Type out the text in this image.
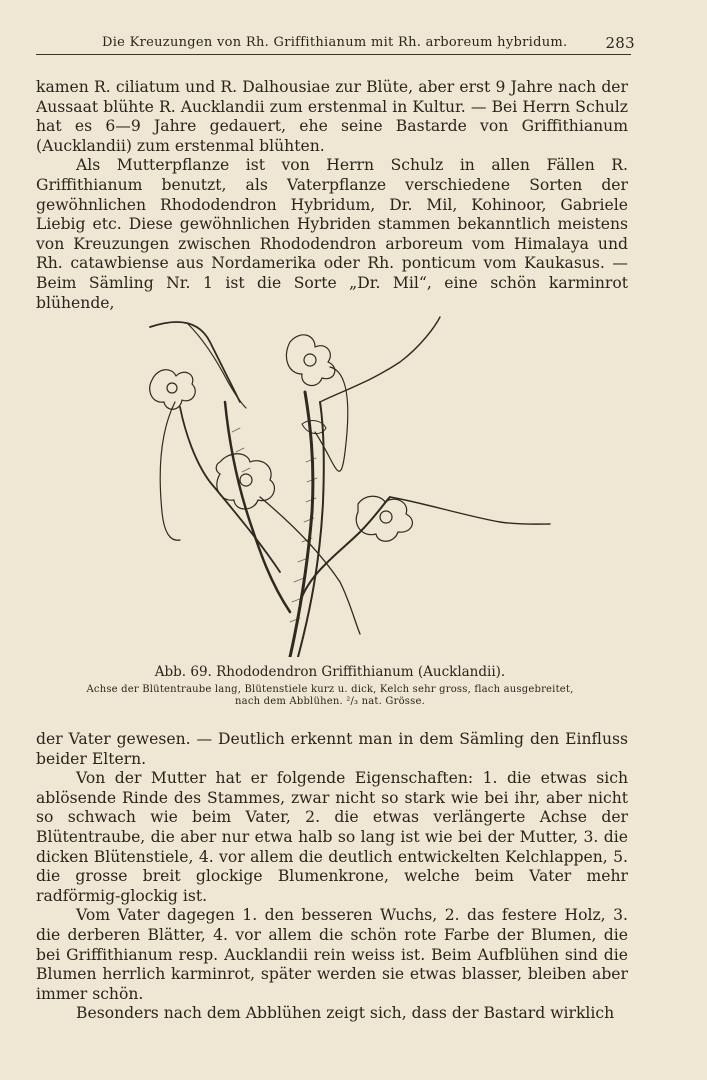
Die Kreuzungen von Rh. Griffithianum mit Rh. arboreum hybridum.	283

kamen R. ciliatum und R. Dalhousiae zur Blüte, aber erst 9 Jahre nach der Aussaat blühte R. Aucklandii zum erstenmal in Kultur. — Bei Herrn Schulz hat es 6—9 Jahre gedauert, ehe seine Bastarde von Griffithianum (Aucklandii) zum erstenmal blühten.

Als Mutterpflanze ist von Herrn Schulz in allen Fällen R. Griffithianum benutzt, als Vaterpflanze verschiedene Sorten der gewöhnlichen Rhododendron Hybridum, Dr. Mil, Kohinoor, Gabriele Liebig etc. Diese gewöhnlichen Hybriden stammen bekanntlich meistens von Kreuzungen zwischen Rhododendron arboreum vom Himalaya und Rh. catawbiense aus Nordamerika oder Rh. ponticum vom Kaukasus. — Beim Sämling Nr. 1 ist die Sorte „Dr. Mil“, eine schön karminrot blühende,

Abb. 69. Rhododendron Griffithianum (Aucklandii).

Achse der Blütentraube lang, Blütenstiele kurz u. dick, Kelch sehr gross, flach ausgebreitet,

nach dem Abblühen. ²/₃ nat. Grösse.

der Vater gewesen. — Deutlich erkennt man in dem Sämling den Einfluss beider Eltern.

Von der Mutter hat er folgende Eigenschaften: 1. die etwas sich ablösende Rinde des Stammes, zwar nicht so stark wie bei ihr, aber nicht so schwach wie beim Vater, 2. die etwas verlängerte Achse der Blütentraube, die aber nur etwa halb so lang ist wie bei der Mutter, 3. die dicken Blütenstiele, 4. vor allem die deutlich entwickelten Kelchlappen, 5. die grosse breit glockige Blumenkrone, welche beim Vater mehr radförmig-glockig ist.

Vom Vater dagegen 1. den besseren Wuchs, 2. das festere Holz, 3. die derberen Blätter, 4. vor allem die schön rote Farbe der Blumen, die bei Griffithianum resp. Aucklandii rein weiss ist. Beim Aufblühen sind die Blumen herrlich karminrot, später werden sie etwas blasser, bleiben aber immer schön.

Besonders nach dem Abblühen zeigt sich, dass der Bastard wirklich
